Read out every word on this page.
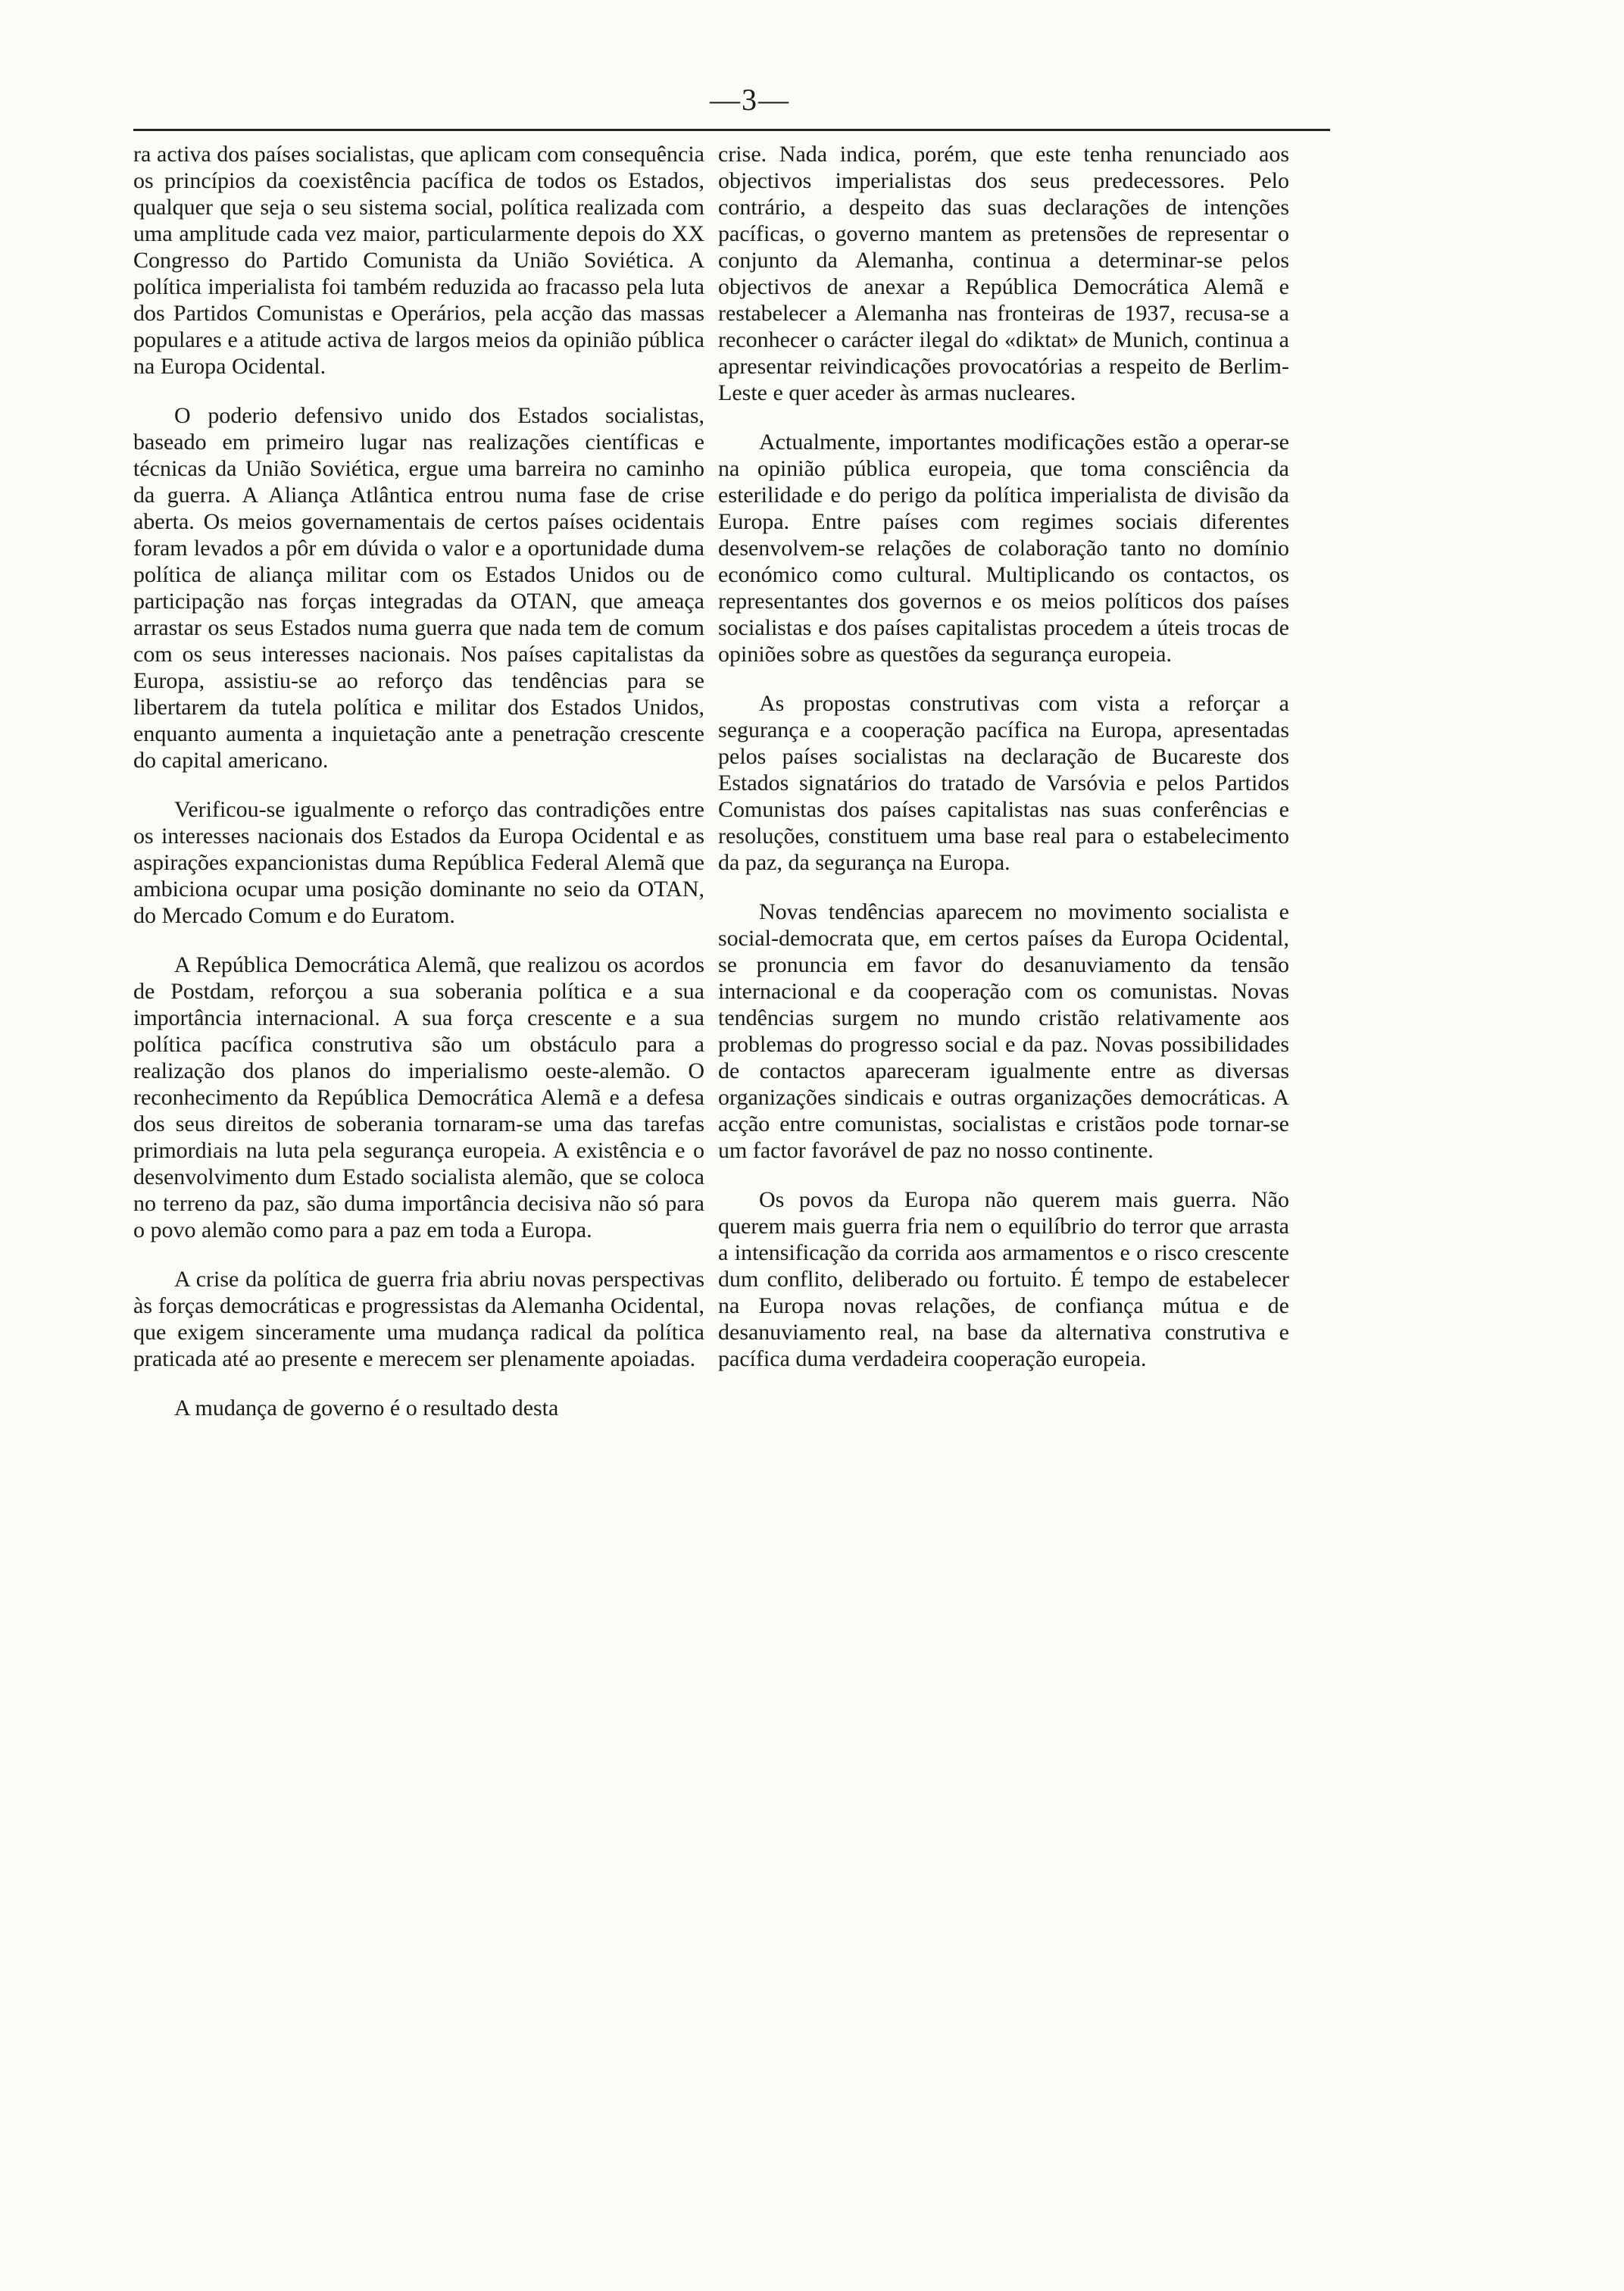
—3—

ra activa dos países socialistas, que aplicam com consequência os princípios da coexistência pacífica de todos os Estados, qualquer que seja o seu sistema social, política realizada com uma amplitude cada vez maior, particularmente depois do XX Congresso do Partido Comunista da União Soviética. A política imperialista foi também reduzida ao fracasso pela luta dos Partidos Comunistas e Operários, pela acção das massas populares e a atitude activa de largos meios da opinião pública na Europa Ocidental.

O poderio defensivo unido dos Estados socialistas, baseado em primeiro lugar nas realizações científicas e técnicas da União Soviética, ergue uma barreira no caminho da guerra. A Aliança Atlântica entrou numa fase de crise aberta. Os meios governamentais de certos países ocidentais foram levados a pôr em dúvida o valor e a oportunidade duma política de aliança militar com os Estados Unidos ou de participação nas forças integradas da OTAN, que ameaça arrastar os seus Estados numa guerra que nada tem de comum com os seus interesses nacionais. Nos países capitalistas da Europa, assistiu-se ao reforço das tendências para se libertarem da tutela política e militar dos Estados Unidos, enquanto aumenta a inquietação ante a penetração crescente do capital americano.

Verificou-se igualmente o reforço das contradições entre os interesses nacionais dos Estados da Europa Ocidental e as aspirações expancionistas duma República Federal Alemã que ambiciona ocupar uma posição dominante no seio da OTAN, do Mercado Comum e do Euratom.

A República Democrática Alemã, que realizou os acordos de Postdam, reforçou a sua soberania política e a sua importância internacional. A sua força crescente e a sua política pacífica construtiva são um obstáculo para a realização dos planos do imperialismo oeste-alemão. O reconhecimento da República Democrática Alemã e a defesa dos seus direitos de soberania tornaram-se uma das tarefas primordiais na luta pela segurança europeia. A existência e o desenvolvimento dum Estado socialista alemão, que se coloca no terreno da paz, são duma importância decisiva não só para o povo alemão como para a paz em toda a Europa.

A crise da política de guerra fria abriu novas perspectivas às forças democráticas e progressistas da Alemanha Ocidental, que exigem sinceramente uma mudança radical da política praticada até ao presente e merecem ser plenamente apoiadas.

A mudança de governo é o resultado desta

crise. Nada indica, porém, que este tenha renunciado aos objectivos imperialistas dos seus predecessores. Pelo contrário, a despeito das suas declarações de intenções pacíficas, o governo mantem as pretensões de representar o conjunto da Alemanha, continua a determinar-se pelos objectivos de anexar a República Democrática Alemã e restabelecer a Alemanha nas fronteiras de 1937, recusa-se a reconhecer o carácter ilegal do «diktat» de Munich, continua a apresentar reivindicações provocatórias a respeito de Berlim-Leste e quer aceder às armas nucleares.

Actualmente, importantes modificações estão a operar-se na opinião pública europeia, que toma consciência da esterilidade e do perigo da política imperialista de divisão da Europa. Entre países com regimes sociais diferentes desenvolvem-se relações de colaboração tanto no domínio económico como cultural. Multiplicando os contactos, os representantes dos governos e os meios políticos dos países socialistas e dos países capitalistas procedem a úteis trocas de opiniões sobre as questões da segurança europeia.

As propostas construtivas com vista a reforçar a segurança e a cooperação pacífica na Europa, apresentadas pelos países socialistas na declaração de Bucareste dos Estados signatários do tratado de Varsóvia e pelos Partidos Comunistas dos países capitalistas nas suas conferências e resoluções, constituem uma base real para o estabelecimento da paz, da segurança na Europa.

Novas tendências aparecem no movimento socialista e social-democrata que, em certos países da Europa Ocidental, se pronuncia em favor do desanuviamento da tensão internacional e da cooperação com os comunistas. Novas tendências surgem no mundo cristão relativamente aos problemas do progresso social e da paz. Novas possibilidades de contactos apareceram igualmente entre as diversas organizações sindicais e outras organizações democráticas. A acção entre comunistas, socialistas e cristãos pode tornar-se um factor favorável de paz no nosso continente.

Os povos da Europa não querem mais guerra. Não querem mais guerra fria nem o equilíbrio do terror que arrasta a intensificação da corrida aos armamentos e o risco crescente dum conflito, deliberado ou fortuito. É tempo de estabelecer na Europa novas relações, de confiança mútua e de desanuviamento real, na base da alternativa construtiva e pacífica duma verdadeira cooperação europeia.
